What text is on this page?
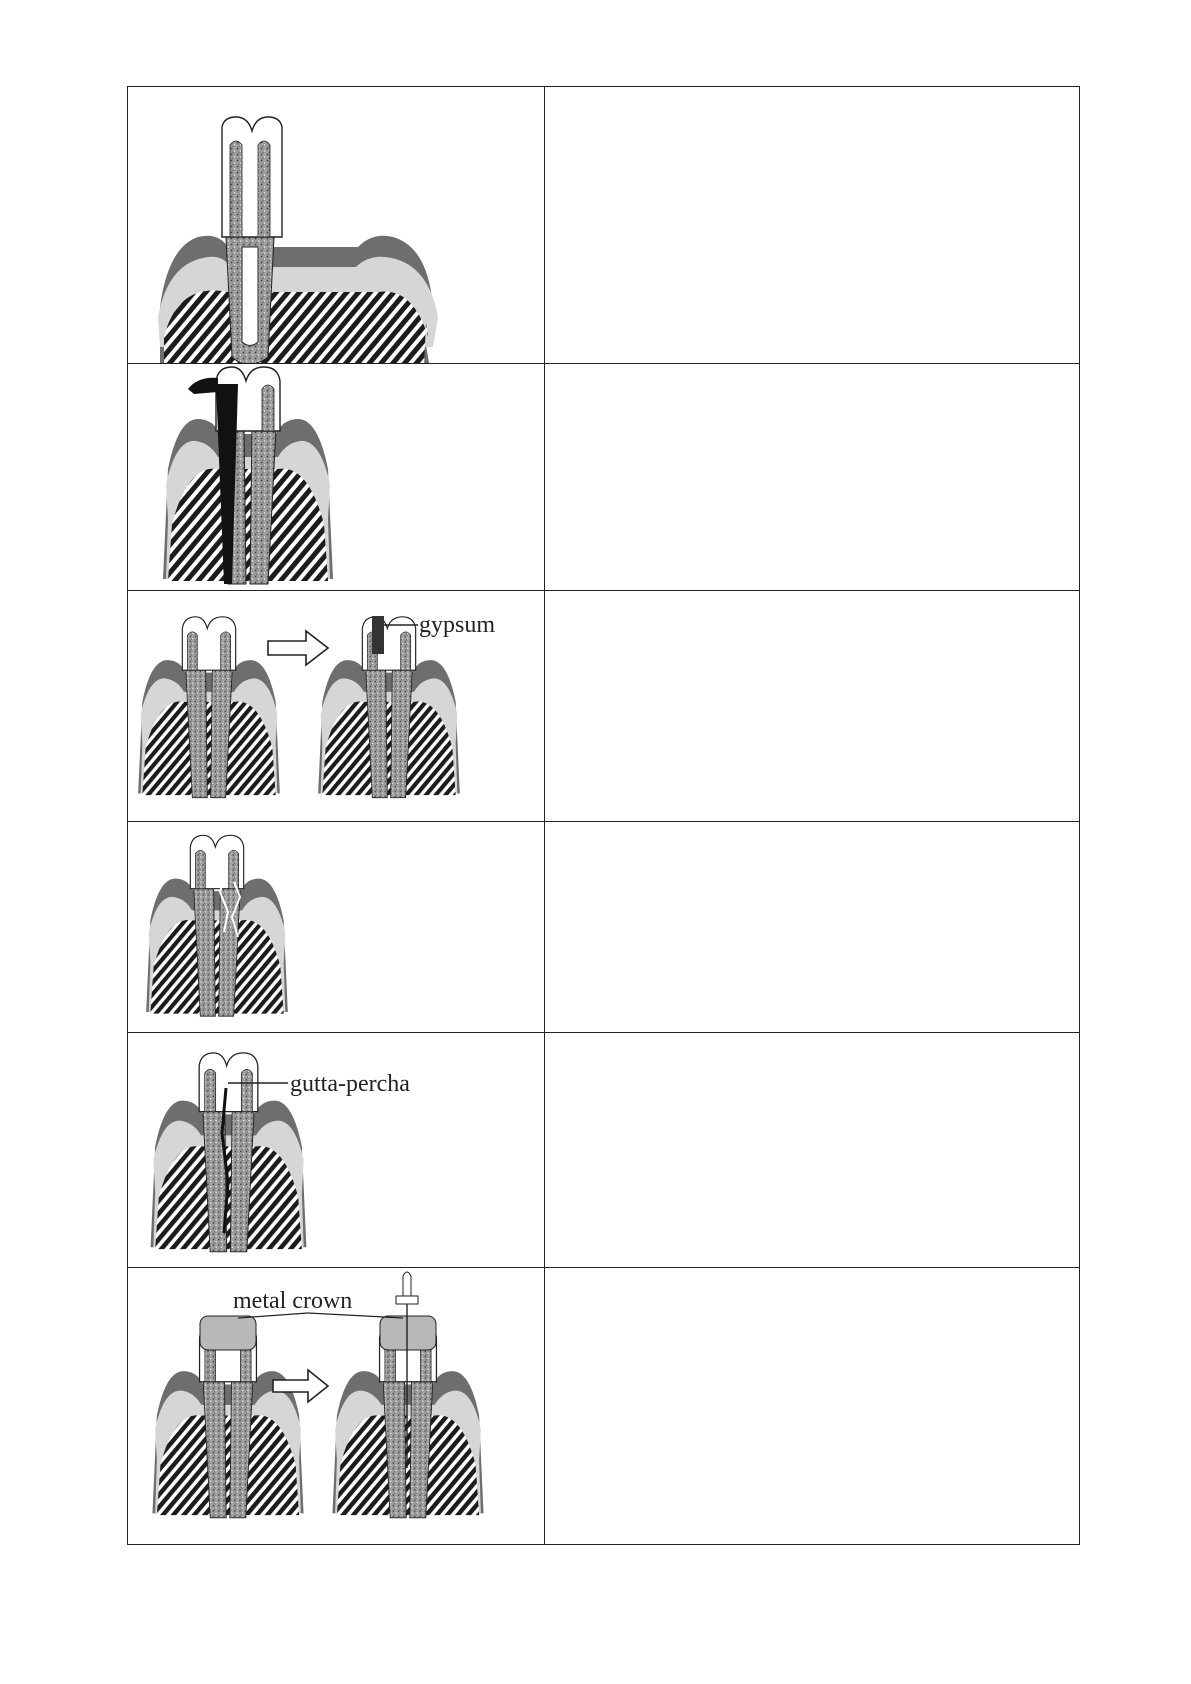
gypsum	

gutta-percha	

metal crown	
